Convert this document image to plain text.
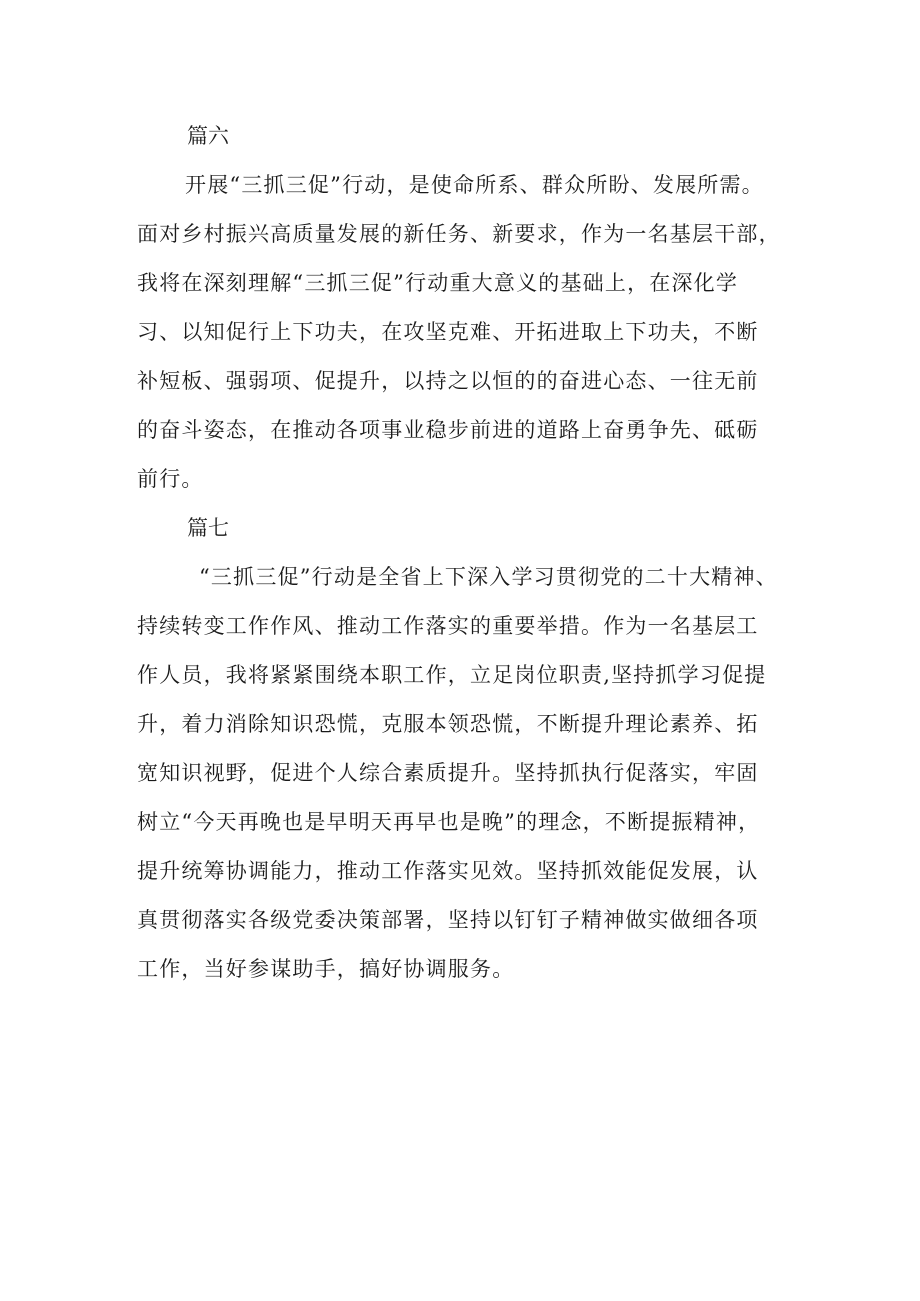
篇六
开展“三抓三促”行动，是使命所系、群众所盼、发展所需。
面对乡村振兴高质量发展的新任务、新要求，作为一名基层干部，
我将在深刻理解“三抓三促”行动重大意义的基础上，在深化学
习、以知促行上下功夫，在攻坚克难、开拓进取上下功夫，不断
补短板、强弱项、促提升，以持之以恒的的奋进心态、一往无前
的奋斗姿态，在推动各项事业稳步前进的道路上奋勇争先、砥砺
前行。
篇七
“三抓三促”行动是全省上下深入学习贯彻党的二十大精神、
持续转变工作作风、推动工作落实的重要举措。作为一名基层工
作人员，我将紧紧围绕本职工作，立足岗位职责,坚持抓学习促提
升，着力消除知识恐慌，克服本领恐慌，不断提升理论素养、拓
宽知识视野，促进个人综合素质提升。坚持抓执行促落实，牢固
树立“今天再晚也是早明天再早也是晚”的理念，不断提振精神，
提升统筹协调能力，推动工作落实见效。坚持抓效能促发展，认
真贯彻落实各级党委决策部署，坚持以钉钉子精神做实做细各项
工作，当好参谋助手，搞好协调服务。
